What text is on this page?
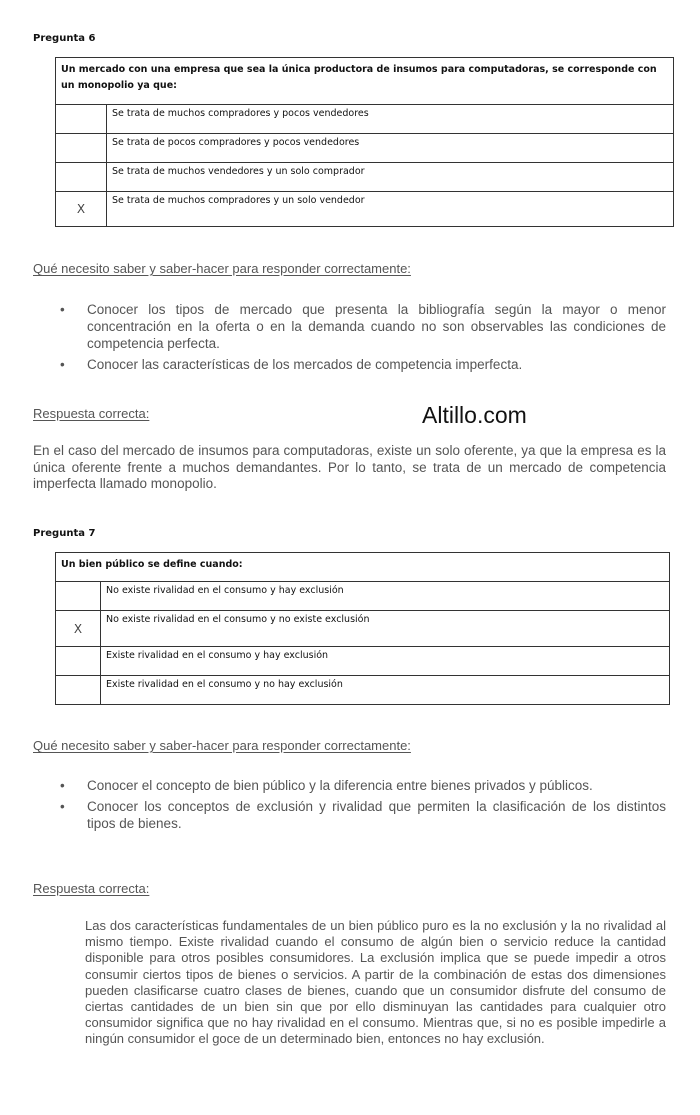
Pregunta 6
Un mercado con una empresa que sea la única productora de insumos para computadoras, se corresponde con un monopolio ya que:	
	Se trata de muchos compradores y pocos vendedores
	Se trata de pocos compradores y pocos vendedores
	Se trata de muchos vendedores y un solo comprador
X	Se trata de muchos compradores y un solo vendedor
Qué necesito saber y saber-hacer para responder correctamente:
• Conocer los tipos de mercado que presenta la bibliografía según la mayor o menor concentración en la oferta o en la demanda cuando no son observables las condiciones de competencia perfecta.
• Conocer las características de los mercados de competencia imperfecta.
Respuesta correcta:	Altillo.com

En el caso del mercado de insumos para computadoras, existe un solo oferente, ya que la empresa es la única oferente frente a muchos demandantes. Por lo tanto, se trata de un mercado de competencia imperfecta llamado monopolio.

Pregunta 7
Un bien público se define cuando:	
	No existe rivalidad en el consumo y hay exclusión
X	No existe rivalidad en el consumo y no existe exclusión
	Existe rivalidad en el consumo y hay exclusión
	Existe rivalidad en el consumo y no hay exclusión
Qué necesito saber y saber-hacer para responder correctamente:
• Conocer el concepto de bien público y la diferencia entre bienes privados y públicos.
• Conocer los conceptos de exclusión y rivalidad que permiten la clasificación de los distintos tipos de bienes.
Respuesta correcta:

Las dos características fundamentales de un bien público puro es la no exclusión y la no rivalidad al mismo tiempo. Existe rivalidad cuando el consumo de algún bien o servicio reduce la cantidad disponible para otros posibles consumidores. La exclusión implica que se puede impedir a otros consumir ciertos tipos de bienes o servicios. A partir de la combinación de estas dos dimensiones pueden clasificarse cuatro clases de bienes, cuando que un consumidor disfrute del consumo de ciertas cantidades de un bien sin que por ello disminuyan las cantidades para cualquier otro consumidor significa que no hay rivalidad en el consumo. Mientras que, si no es posible impedirle a ningún consumidor el goce de un determinado bien, entonces no hay exclusión.
